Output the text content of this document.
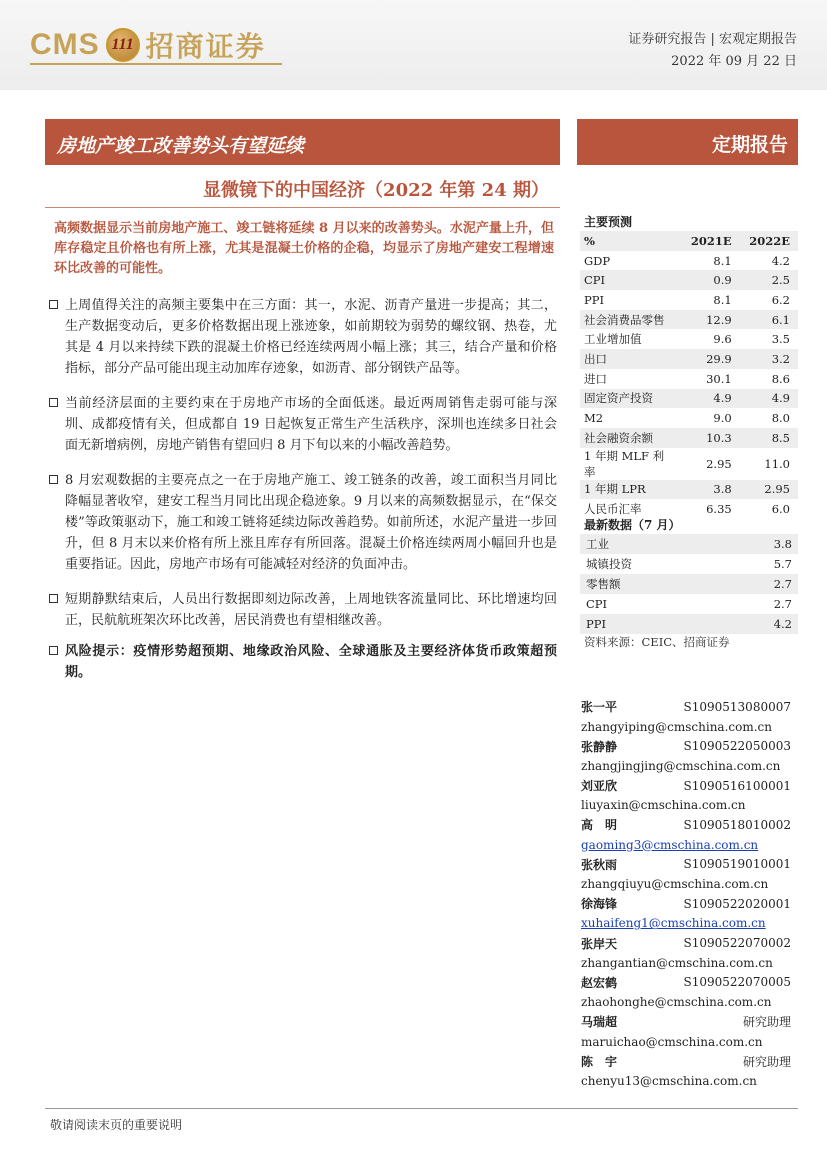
CMS 111 招商证券	证券研究报告 | 宏观定期报告
2022 年 09 月 22 日
房地产竣工改善势头有望延续	定期报告
显微镜下的中国经济（2022 年第 24 期）
高频数据显示当前房地产施工、竣工链将延续 8 月以来的改善势头。水泥产量上升，但库存稳定且价格也有所上涨，尤其是混凝土价格的企稳，均显示了房地产建安工程增速环比改善的可能性。
上周值得关注的高频主要集中在三方面：其一，水泥、沥青产量进一步提高；其二，生产数据变动后，更多价格数据出现上涨迹象，如前期较为弱势的螺纹钢、热卷，尤其是 4 月以来持续下跌的混凝土价格已经连续两周小幅上涨；其三，结合产量和价格指标，部分产品可能出现主动加库存迹象，如沥青、部分钢铁产品等。
当前经济层面的主要约束在于房地产市场的全面低迷。最近两周销售走弱可能与深圳、成都疫情有关，但成都自 19 日起恢复正常生产生活秩序，深圳也连续多日社会面无新增病例，房地产销售有望回归 8 月下旬以来的小幅改善趋势。
8 月宏观数据的主要亮点之一在于房地产施工、竣工链条的改善，竣工面积当月同比降幅显著收窄，建安工程当月同比出现企稳迹象。9 月以来的高频数据显示，在“保交楼”等政策驱动下，施工和竣工链将延续边际改善趋势。如前所述，水泥产量进一步回升，但 8 月末以来价格有所上涨且库存有所回落。混凝土价格连续两周小幅回升也是重要指证。因此，房地产市场有可能减轻对经济的负面冲击。
短期静默结束后，人员出行数据即刻边际改善，上周地铁客流量同比、环比增速均回正，民航航班架次环比改善，居民消费也有望相继改善。
风险提示：疫情形势超预期、地缘政治风险、全球通胀及主要经济体货币政策超预期。
主要预测
%	2021E	2022E
GDP	8.1	4.2
CPI	0.9	2.5
PPI	8.1	6.2
社会消费品零售	12.9	6.1
工业增加值	9.6	3.5
出口	29.9	3.2
进口	30.1	8.6
固定资产投资	4.9	4.9
M2	9.0	8.0
社会融资余额	10.3	8.5
1 年期 MLF 利率	2.95	11.0
1 年期 LPR	3.8	2.95
人民币汇率	6.35	6.0
最新数据（7 月）
工业	3.8
城镇投资	5.7
零售额	2.7
CPI	2.7
PPI	4.2
资料来源：CEIC、招商证券
张一平	S1090513080007
zhangyiping@cmschina.com.cn
张静静	S1090522050003
zhangjingjing@cmschina.com.cn
刘亚欣	S1090516100001
liuyaxin@cmschina.com.cn
高　明	S1090518010002
gaoming3@cmschina.com.cn
张秋雨	S1090519010001
zhangqiuyu@cmschina.com.cn
徐海锋	S1090522020001
xuhaifeng1@cmschina.com.cn
张岸天	S1090522070002
zhangantian@cmschina.com.cn
赵宏鹤	S1090522070005
zhaohonghe@cmschina.com.cn
马瑞超	研究助理
maruichao@cmschina.com.cn
陈　宇	研究助理
chenyu13@cmschina.com.cn
敬请阅读末页的重要说明
